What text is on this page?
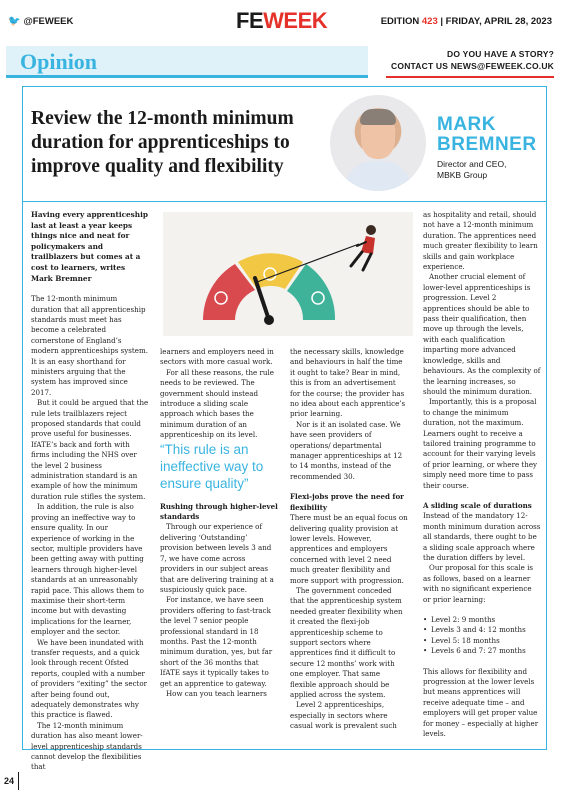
🐦 @FEWEEK	FEWEEK	EDITION 423 | FRIDAY, APRIL 28, 2023
Opinion	DO YOU HAVE A STORY?
CONTACT US NEWS@FEWEEK.CO.UK
Review the 12-month minimum duration for apprenticeships to improve quality and flexibility
MARK
BREMNER
Director and CEO,
MBKB Group

Having every apprenticeship last at least a year keeps things nice and neat for policymakers and trailblazers but comes at a cost to learners, writes Mark Bremner

The 12-month minimum duration that all apprenticeship standards must meet has become a celebrated cornerstone of England’s modern apprenticeships system. It is an easy shorthand for ministers arguing that the system has improved since 2017.

But it could be argued that the rule lets trailblazers reject proposed standards that could prove useful for businesses. IfATE’s back and forth with firms including the NHS over the level 2 business administration standard is an example of how the minimum duration rule stifles the system.

In addition, the rule is also proving an ineffective way to ensure quality. In our experience of working in the sector, multiple providers have been getting away with putting learners through higher-level standards at an unreasonably rapid pace. This allows them to maximise their short-term income but with devasting implications for the learner, employer and the sector.

We have been inundated with transfer requests, and a quick look through recent Ofsted reports, coupled with a number of providers “exiting” the sector after being found out, adequately demonstrates why this practice is flawed.

The 12-month minimum duration has also meant lower-level apprenticeship standards cannot develop the flexibilities that

learners and employers need in sectors with more casual work.

For all these reasons, the rule needs to be reviewed. The government should instead introduce a sliding scale approach which bases the minimum duration of an apprenticeship on its level.

“This rule is an ineffective way to ensure quality”

Rushing through higher-level standards

Through our experience of delivering ‘Outstanding’ provision between levels 3 and 7, we have come across providers in our subject areas that are delivering training at a suspiciously quick pace.

For instance, we have seen providers offering to fast-track the level 7 senior people professional standard in 18 months. Past the 12-month minimum duration, yes, but far short of the 36 months that IfATE says it typically takes to get an apprentice to gateway.

How can you teach learners

the necessary skills, knowledge and behaviours in half the time it ought to take? Bear in mind, this is from an advertisement for the course; the provider has no idea about each apprentice’s prior learning.

Nor is it an isolated case. We have seen providers of operations/ departmental manager apprenticeships at 12 to 14 months, instead of the recommended 30.

Flexi-jobs prove the need for flexibility

There must be an equal focus on delivering quality provision at lower levels. However, apprentices and employers concerned with level 2 need much greater flexibility and more support with progression.

The government conceded that the apprenticeship system needed greater flexibility when it created the flexi-job apprenticeship scheme to support sectors where apprentices find it difficult to secure 12 months’ work with one employer. That same flexible approach should be applied across the system.

Level 2 apprenticeships, especially in sectors where casual work is prevalent such

as hospitality and retail, should not have a 12-month minimum duration. The apprentices need much greater flexibility to learn skills and gain workplace experience.

Another crucial element of lower-level apprenticeships is progression. Level 2 apprentices should be able to pass their qualification, then move up through the levels, with each qualification imparting more advanced knowledge, skills and behaviours. As the complexity of the learning increases, so should the minimum duration.

Importantly, this is a proposal to change the minimum duration, not the maximum. Learners ought to receive a tailored training programme to account for their varying levels of prior learning, or where they simply need more time to pass their course.

A sliding scale of durations

Instead of the mandatory 12-month minimum duration across all standards, there ought to be a sliding scale approach where the duration differs by level.

Our proposal for this scale is as follows, based on a learner with no significant experience or prior learning:

• Level 2: 9 months
• Levels 3 and 4: 12 months
• Level 5: 18 months
• Levels 6 and 7: 27 months

This allows for flexibility and progression at the lower levels but means apprentices will receive adequate time – and employers will get proper value for money – especially at higher levels.

24
